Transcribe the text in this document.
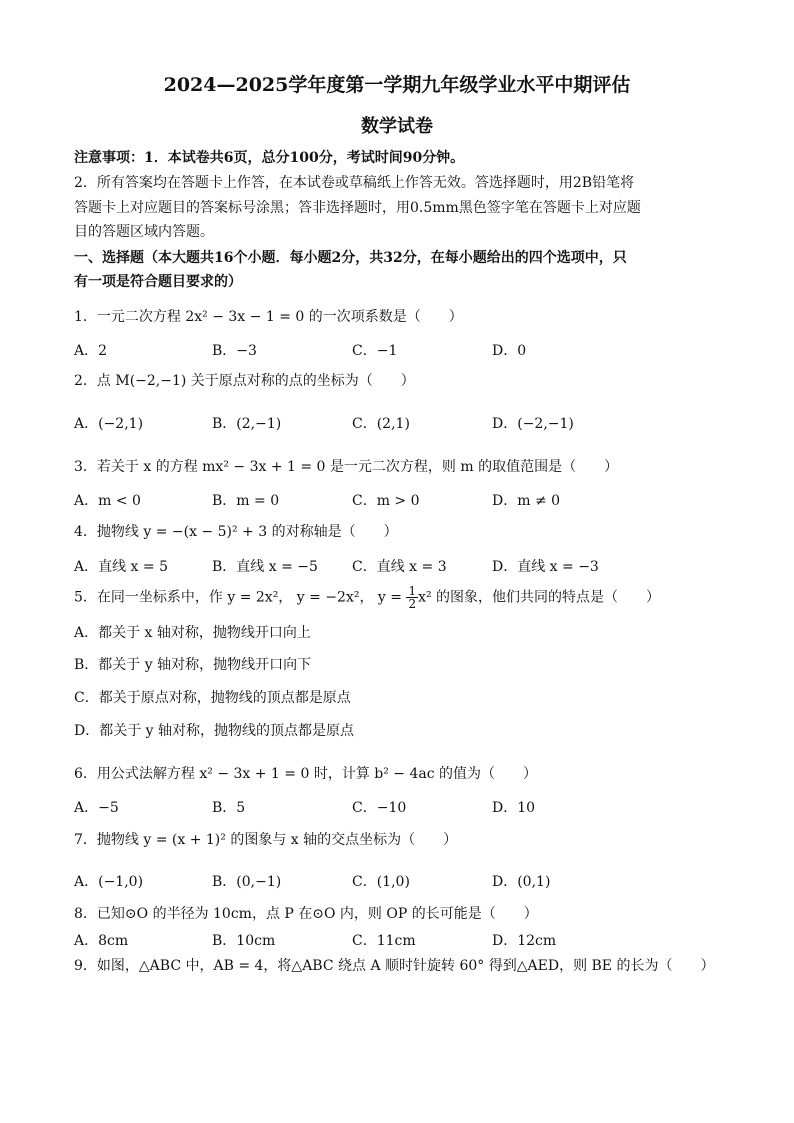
2024—2025学年度第一学期九年级学业水平中期评估
数学试卷
注意事项：1．本试卷共6页，总分100分，考试时间90分钟。
2．所有答案均在答题卡上作答，在本试卷或草稿纸上作答无效。答选择题时，用2B铅笔将
答题卡上对应题目的答案标号涂黑；答非选择题时，用0.5mm黑色签字笔在答题卡上对应题
目的答题区域内答题。
一、选择题（本大题共16个小题．每小题2分，共32分，在每小题给出的四个选项中，只
有一项是符合题目要求的）
1．一元二次方程 2x² − 3x − 1 = 0 的一次项系数是（　　）
A．2	B．−3	C．−1	D．0
2．点 M(−2,−1) 关于原点对称的点的坐标为（　　）
A．(−2,1)	B．(2,−1)	C．(2,1)	D．(−2,−1)
3．若关于 x 的方程 mx² − 3x + 1 = 0 是一元二次方程，则 m 的取值范围是（　　）
A．m < 0	B．m = 0	C．m > 0	D．m ≠ 0
4．抛物线 y = −(x − 5)² + 3 的对称轴是（　　）
A．直线 x = 5	B．直线 x = −5 C．直线 x = 3	D．直线 x = −3
5．在同一坐标系中，作 y = 2x²， y = −2x²， $y = \frac{1}{2} x^2$ 的图象，他们共同的特点是（　　）
A．都关于 x 轴对称，抛物线开口向上
B．都关于 y 轴对称，抛物线开口向下
C．都关于原点对称，抛物线的顶点都是原点
D．都关于 y 轴对称，抛物线的顶点都是原点
6．用公式法解方程 x² − 3x + 1 = 0 时，计算 b² − 4ac 的值为（　　）
A．−5	B．5	C．−10	D．10
7．抛物线 y = (x + 1)² 的图象与 x 轴的交点坐标为（　　）
A．(−1,0)	B．(0,−1)	C．(1,0)	D．(0,1)
8．已知⊙O 的半径为 10cm，点 P 在⊙O 内，则 OP 的长可能是（　　）
A．8cm	B．10cm	C．11cm	D．12cm
9．如图，△ABC 中，AB = 4，将△ABC 绕点 A 顺时针旋转 60° 得到△AED，则 BE 的长为（　　）
